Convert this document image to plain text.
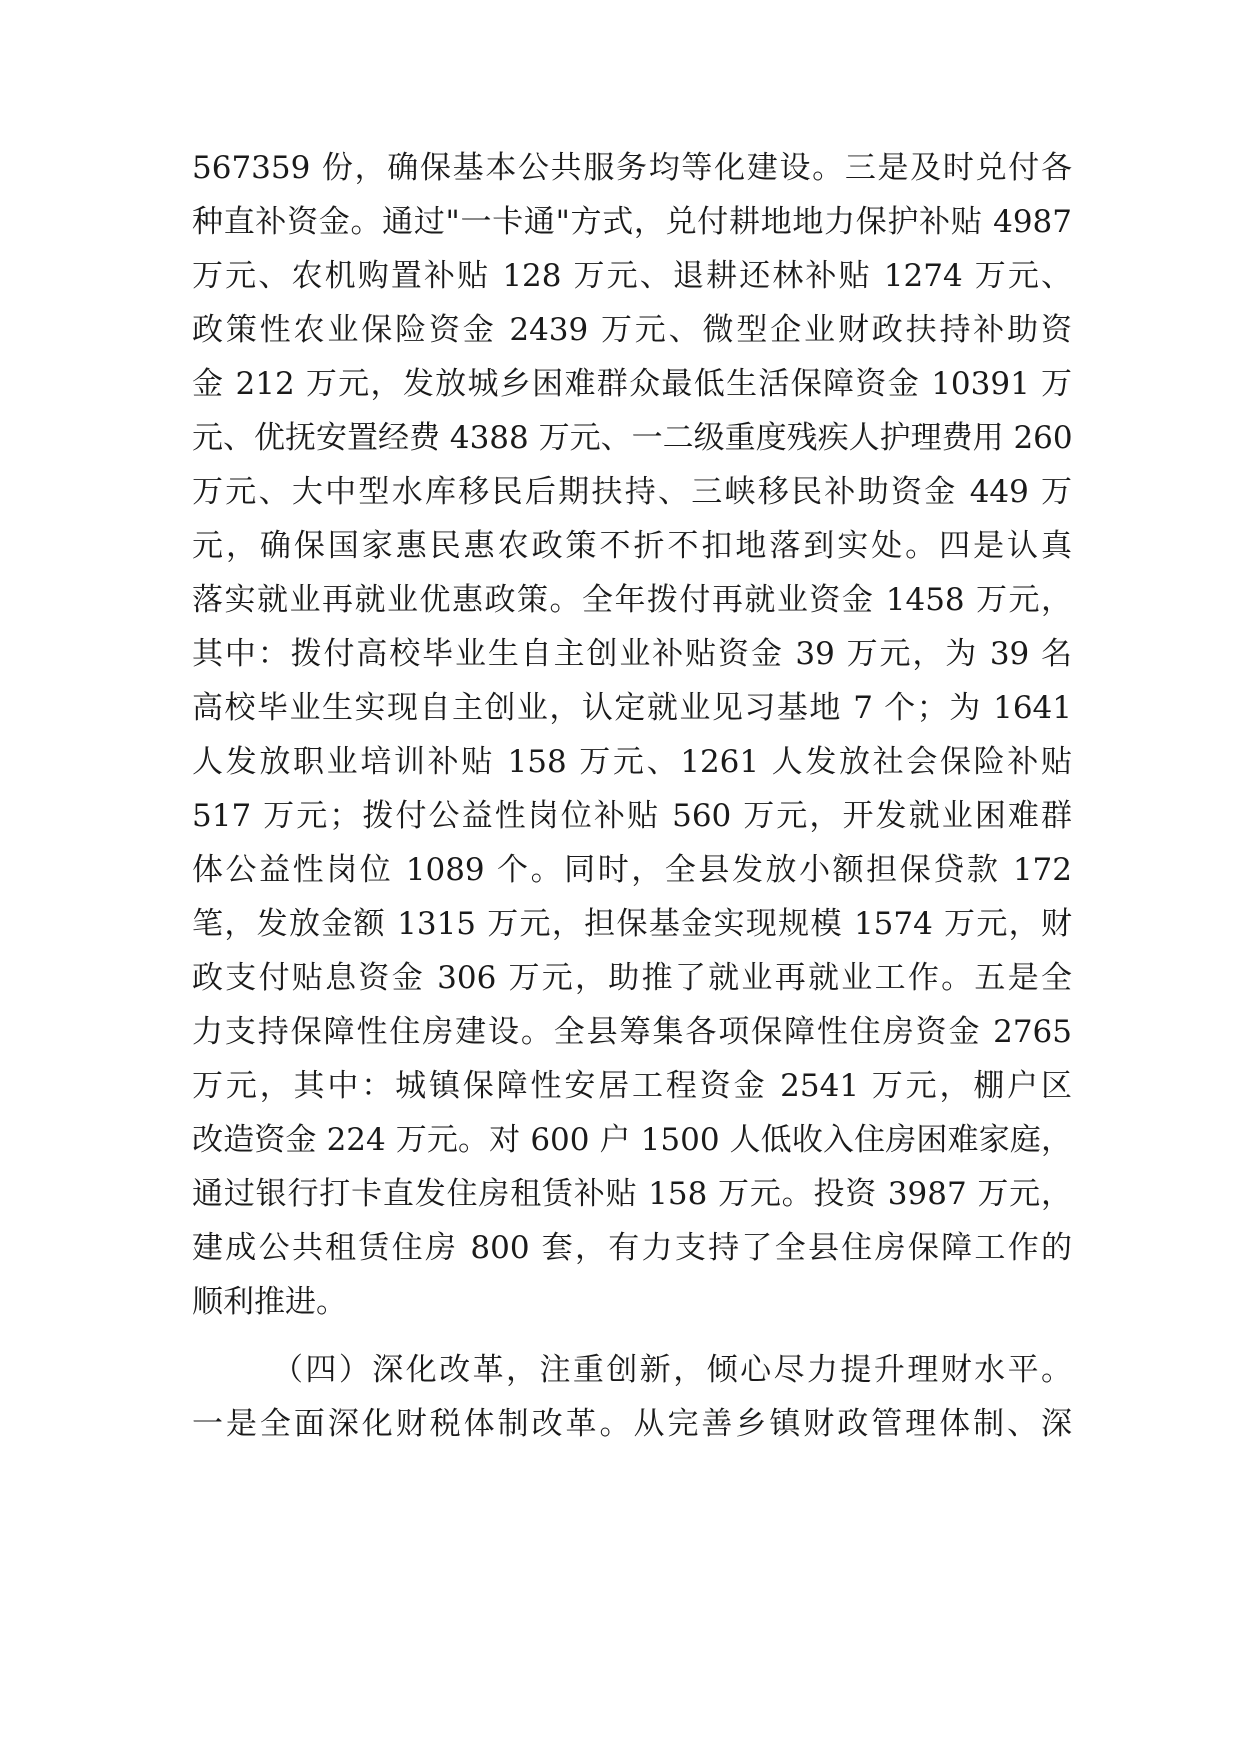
567359 份，确保基本公共服务均等化建设。三是及时兑付各
种直补资金。通过"一卡通"方式，兑付耕地地力保护补贴 4987
万元、农机购置补贴 128 万元、退耕还林补贴 1274 万元、
政策性农业保险资金 2439 万元、微型企业财政扶持补助资
金 212 万元，发放城乡困难群众最低生活保障资金 10391 万
元、优抚安置经费 4388 万元、一二级重度残疾人护理费用 260
万元、大中型水库移民后期扶持、三峡移民补助资金 449 万
元，确保国家惠民惠农政策不折不扣地落到实处。四是认真
落实就业再就业优惠政策。全年拨付再就业资金 1458 万元，
其中：拨付高校毕业生自主创业补贴资金 39 万元，为 39 名
高校毕业生实现自主创业，认定就业见习基地 7 个；为 1641
人发放职业培训补贴 158 万元、1261 人发放社会保险补贴
517 万元；拨付公益性岗位补贴 560 万元，开发就业困难群
体公益性岗位 1089 个。同时，全县发放小额担保贷款 172
笔，发放金额 1315 万元，担保基金实现规模 1574 万元，财
政支付贴息资金 306 万元，助推了就业再就业工作。五是全
力支持保障性住房建设。全县筹集各项保障性住房资金 2765
万元，其中：城镇保障性安居工程资金 2541 万元，棚户区
改造资金 224 万元。对 600 户 1500 人低收入住房困难家庭，
通过银行打卡直发住房租赁补贴 158 万元。投资 3987 万元，
建成公共租赁住房 800 套，有力支持了全县住房保障工作的
顺利推进。
（四）深化改革，注重创新，倾心尽力提升理财水平。
一是全面深化财税体制改革。从完善乡镇财政管理体制、深
